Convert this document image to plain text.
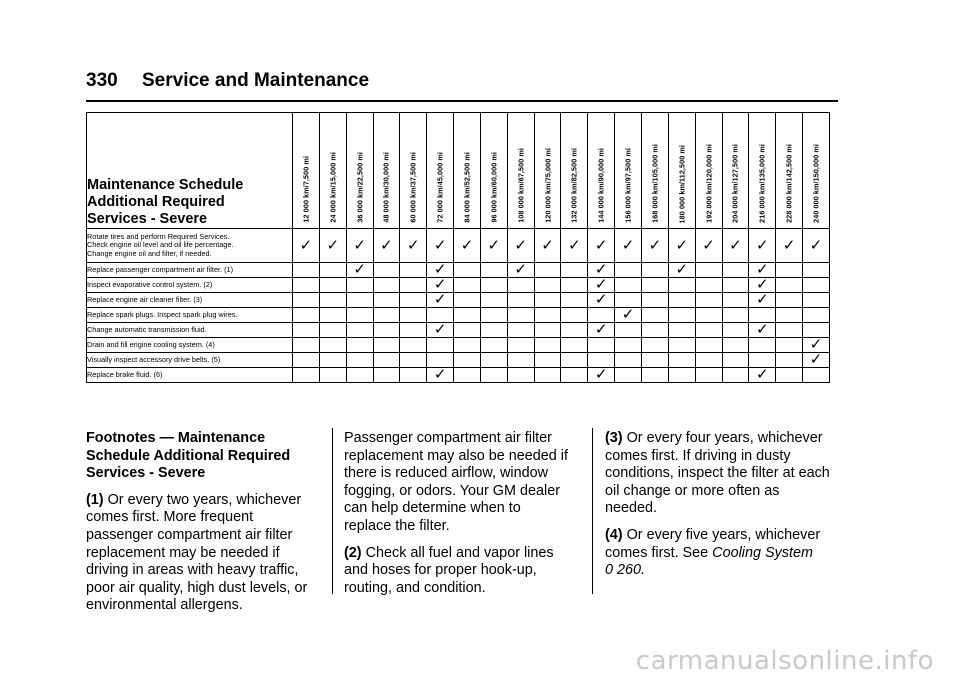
330 Service and Maintenance
Maintenance Schedule
Additional Required
Services - Severe	12 000 km/7,500 mi	24 000 km/15,000 mi	36 000 km/22,500 mi	48 000 km/30,000 mi	60 000 km/37,500 mi	72 000 km/45,000 mi	84 000 km/52,500 mi	96 000 km/60,000 mi	108 000 km/67,500 mi	120 000 km/75,000 mi	132 000 km/82,500 mi	144 000 km/90,000 mi	156 000 km/97,500 mi	168 000 km/105,000 mi	180 000 km/112,500 mi	192 000 km/120,000 mi	204 000 km/127,500 mi	216 000 km/135,000 mi	228 000 km/142,500 mi	240 000 km/150,000 mi

Rotate tires and perform Required Services.
Check engine oil level and oil life percentage.
Change engine oil and filter, if needed.	✓	✓	✓	✓	✓	✓	✓	✓	✓	✓	✓	✓	✓	✓	✓	✓	✓	✓	✓	✓

Replace passenger compartment air filter. (1)			✓			✓			✓			✓			✓			✓		

Inspect evaporative control system. (2)						✓						✓						✓		

Replace engine air cleaner filter. (3)						✓						✓						✓		

Replace spark plugs. Inspect spark plug wires.													✓							

Change automatic transmission fluid.						✓						✓						✓		

Drain and fill engine cooling system. (4)																				✓

Visually inspect accessory drive belts. (5)																				✓

Replace brake fluid. (6)						✓						✓						✓		

Footnotes — Maintenance Schedule Additional Required Services - Severe

(1) Or every two years, whichever comes first. More frequent passenger compartment air filter replacement may be needed if driving in areas with heavy traffic, poor air quality, high dust levels, or environmental allergens.

Passenger compartment air filter replacement may also be needed if there is reduced airflow, window fogging, or odors. Your GM dealer can help determine when to replace the filter.

(2) Check all fuel and vapor lines and hoses for proper hook-up, routing, and condition.

(3) Or every four years, whichever comes first. If driving in dusty conditions, inspect the filter at each oil change or more often as needed.

(4) Or every five years, whichever comes first. See Cooling System
0 260.

carmanualsonline.info
